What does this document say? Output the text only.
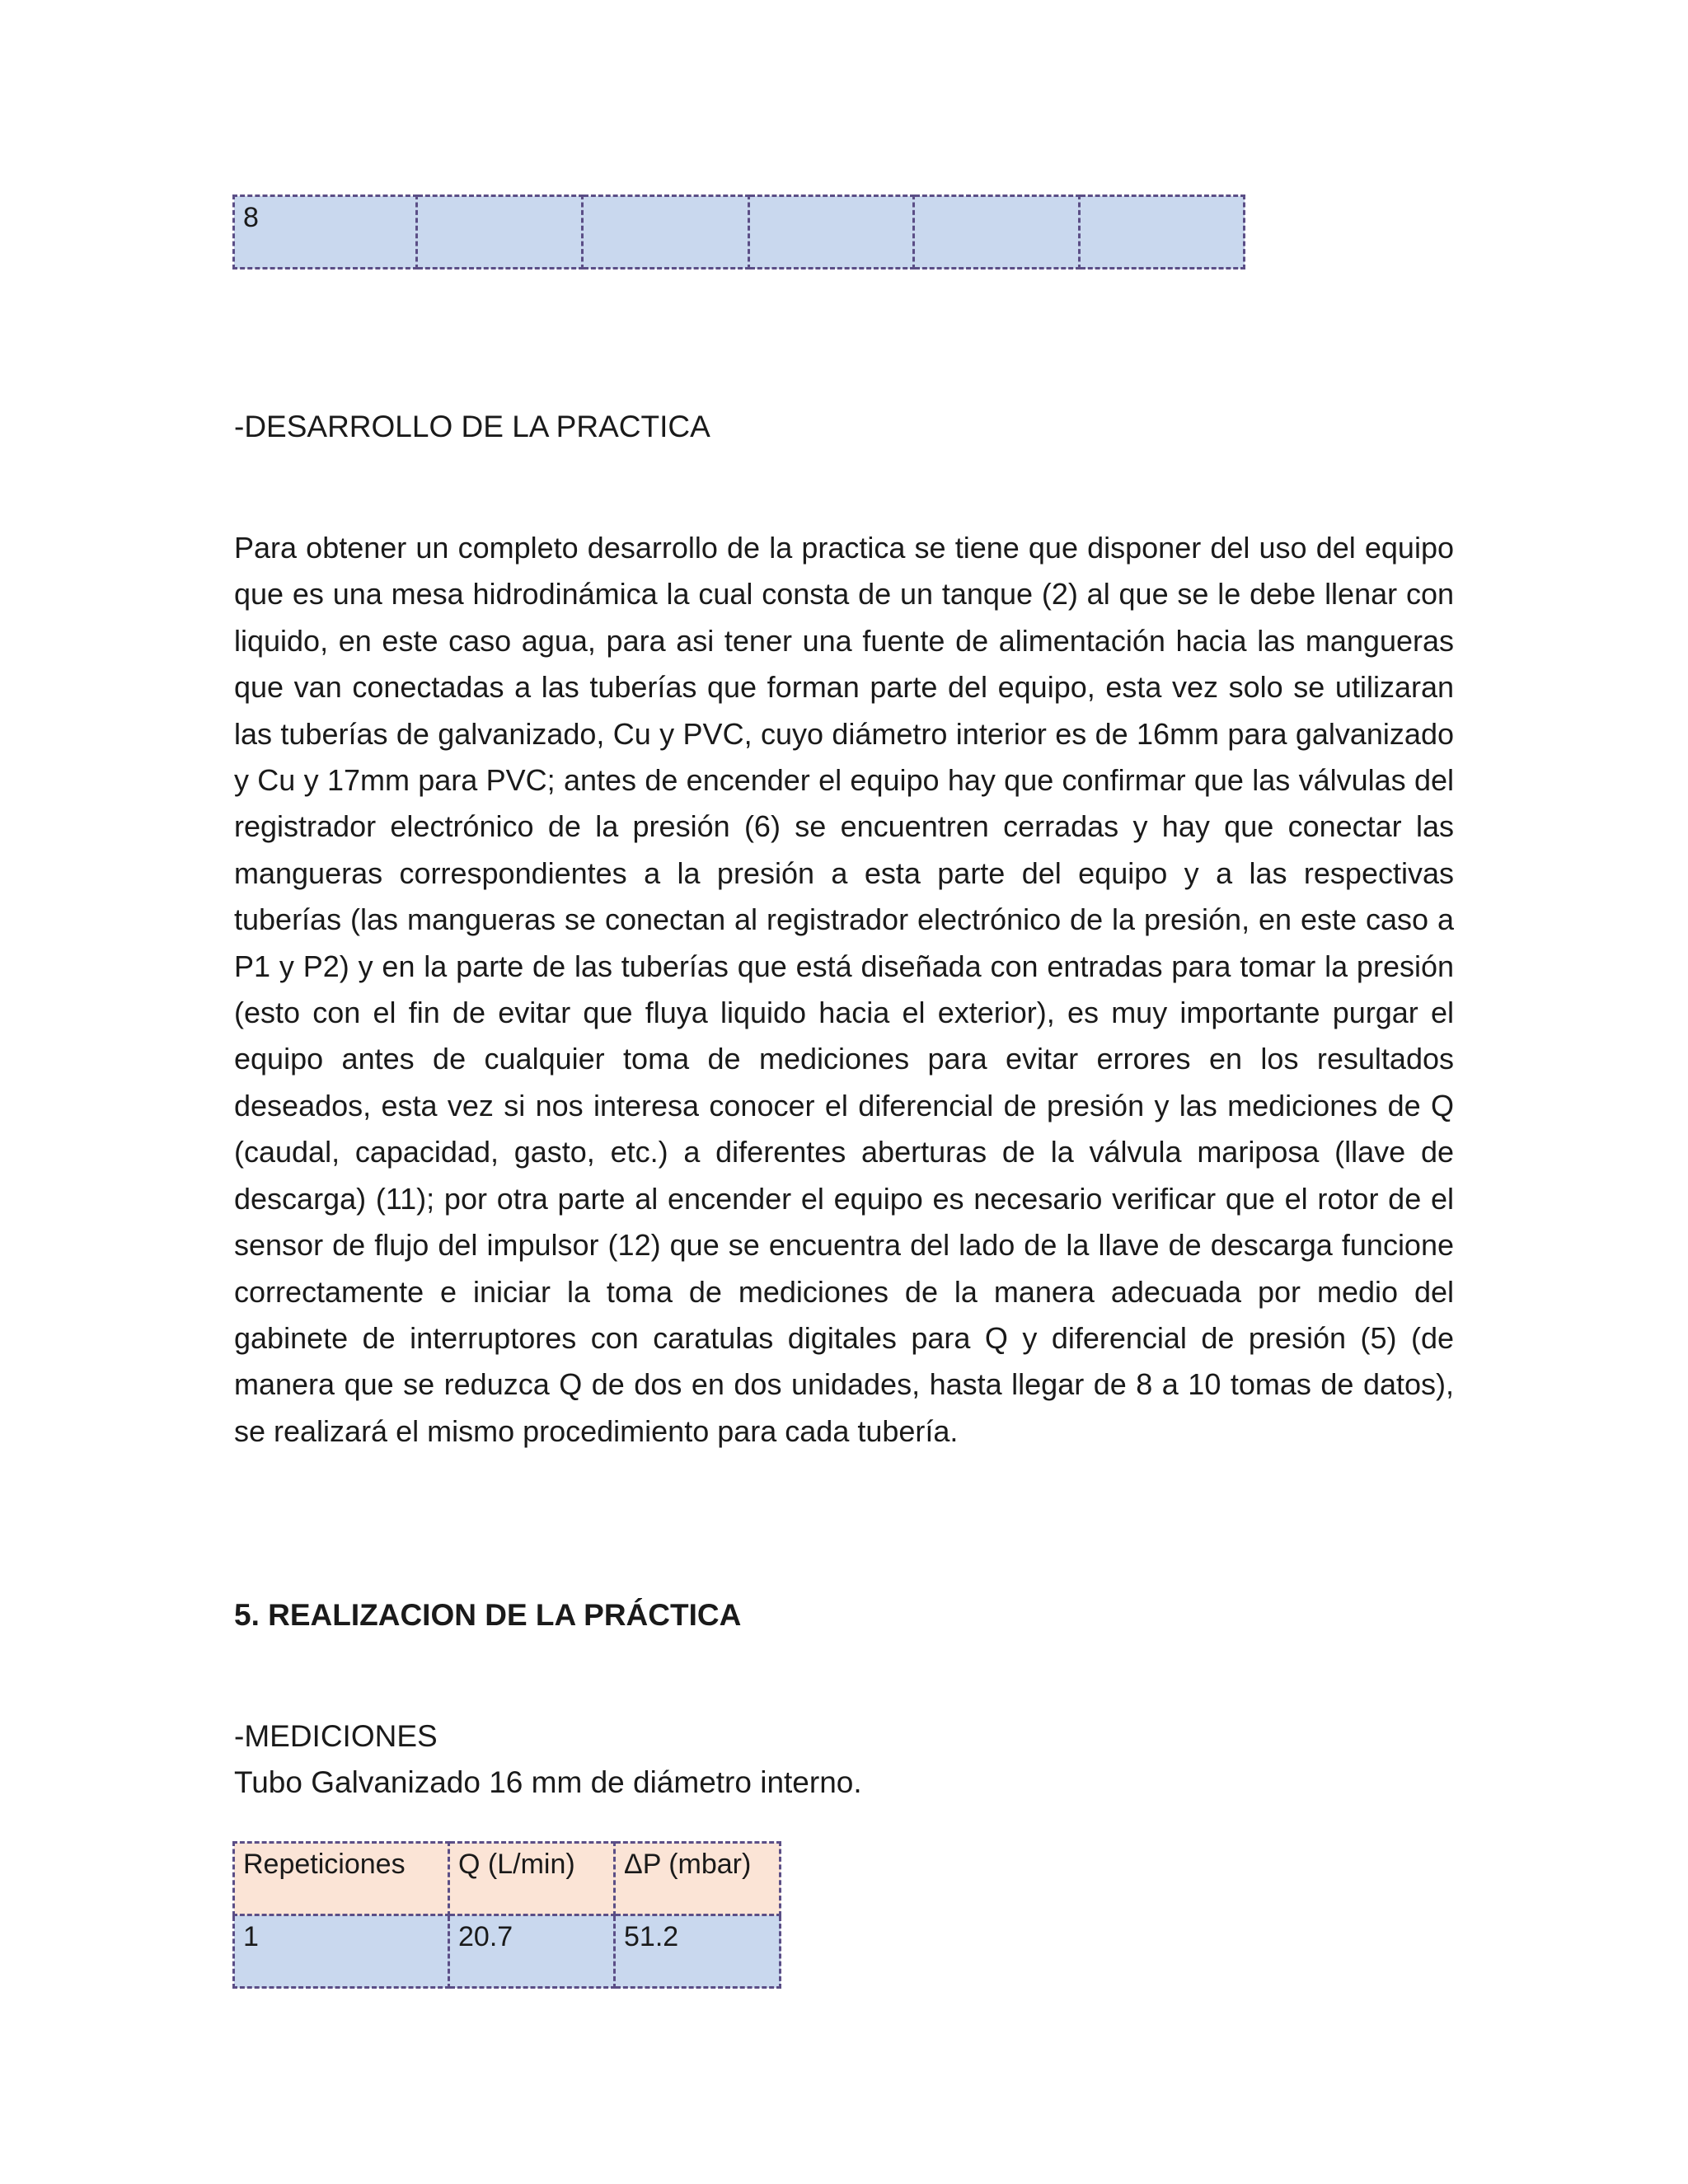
8					
-DESARROLLO DE LA PRACTICA

Para obtener un completo desarrollo de la practica se tiene que disponer del uso del equipo que es una mesa hidrodinámica la cual consta de un tanque (2) al que se le debe llenar con liquido, en este caso agua, para asi tener una fuente de alimentación hacia las mangueras que van conectadas a las tuberías que forman parte del equipo, esta vez solo se utilizaran las tuberías de galvanizado, Cu y PVC, cuyo diámetro interior es de 16mm para galvanizado y Cu y 17mm para PVC; antes de encender el equipo hay que confirmar que las válvulas del registrador electrónico de la presión (6) se encuentren cerradas y hay que conectar las mangueras correspondientes a la presión a esta parte del equipo y a las respectivas tuberías (las mangueras se conectan al registrador electrónico de la presión, en este caso a P1 y P2) y en la parte de las tuberías que está diseñada con entradas para tomar la presión (esto con el fin de evitar que fluya liquido hacia el exterior), es muy importante purgar el equipo antes de cualquier toma de mediciones para evitar errores en los resultados deseados, esta vez si nos interesa conocer el diferencial de presión y las mediciones de Q (caudal, capacidad, gasto, etc.) a diferentes aberturas de la válvula mariposa (llave de descarga) (11); por otra parte al encender el equipo es necesario verificar que el rotor de el sensor de flujo del impulsor (12) que se encuentra del lado de la llave de descarga funcione correctamente e iniciar la toma de mediciones de la manera adecuada por medio del gabinete de interruptores con caratulas digitales para Q y diferencial de presión (5) (de manera que se reduzca Q de dos en dos unidades, hasta llegar de 8 a 10 tomas de datos), se realizará el mismo procedimiento para cada tubería.

5. REALIZACION DE LA PRÁCTICA

-MEDICIONES

Tubo Galvanizado 16 mm de diámetro interno.

Repeticiones	Q (L/min)	ΔP (mbar)
1	20.7	51.2
